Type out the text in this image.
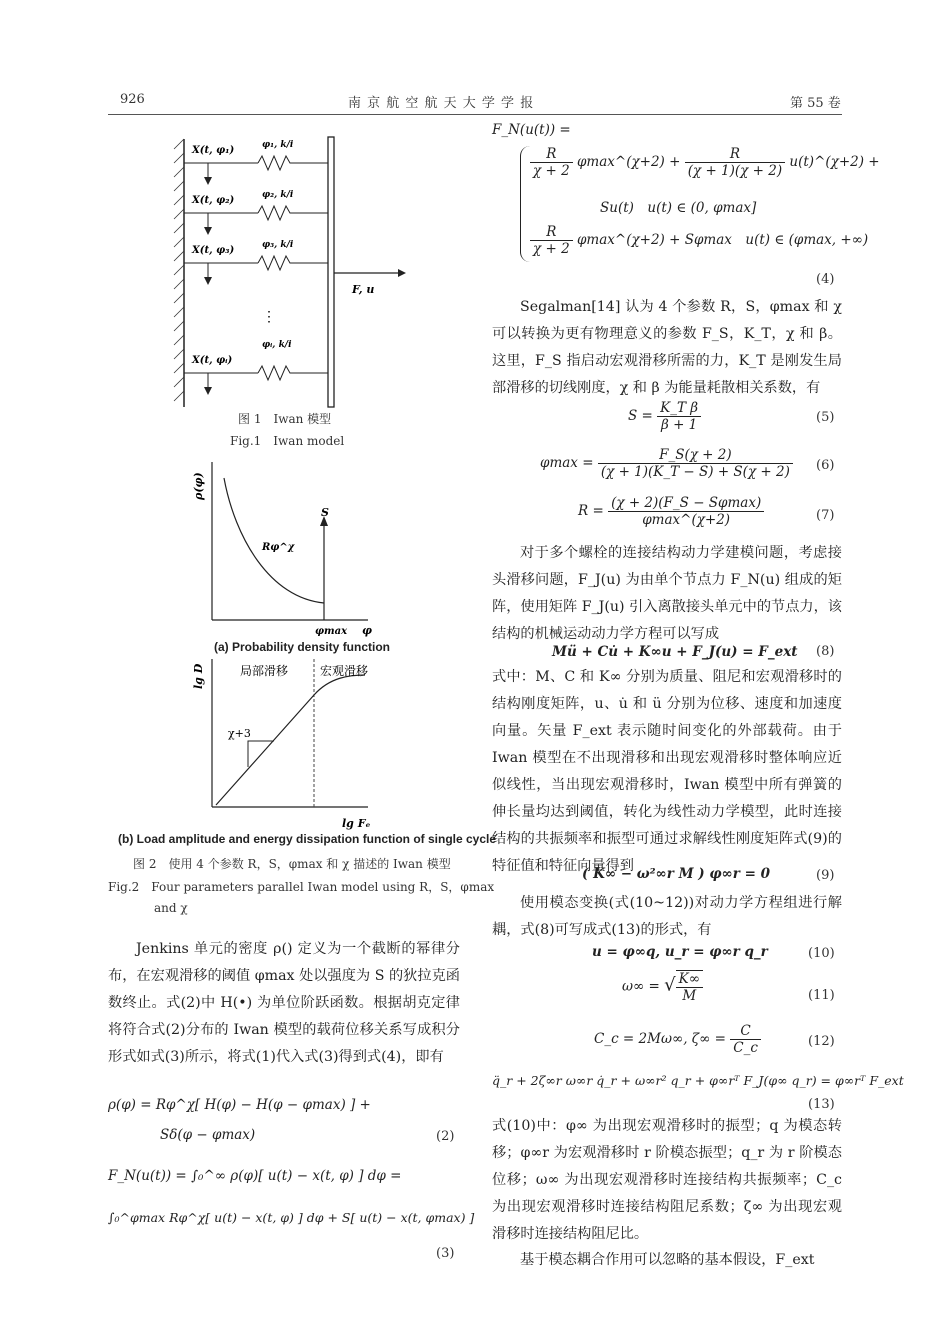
926	南 京 航 空 航 天 大 学 学 报	第 55 卷
F, u
X(t, φ₁)	φ₁, k/i
X(t, φ₂)	φ₂, k/i
X(t, φ₃)	φ₃, k/i
⋮
X(t, φᵢ)
φᵢ, k/i
图 1　Iwan 模型
Fig.1　Iwan model
ρ(φ)
Rφ^χ
S
φmax φ
(a) Probability density function
lg D	局部滑移	宏观滑移
χ+3
lg Fₑ
(b) Load amplitude and energy dissipation function of single cycle
图 2　使用 4 个参数 R，S，φmax 和 χ 描述的 Iwan 模型
Fig.2　Four parameters parallel Iwan model using R，S，φmax
and χ
Jenkins 单元的密度 ρ() 定义为一个截断的幂律分布，在宏观滑移的阈值 φmax 处以强度为 S 的狄拉克函数终止。式(2)中 H(•) 为单位阶跃函数。根据胡克定律将符合式(2)分布的 Iwan 模型的载荷位移关系写成积分形式如式(3)所示，将式(1)代入式(3)得到式(4)，即有
ρ(φ) = Rφ^χ[ H(φ) − H(φ − φmax) ] +
Sδ(φ − φmax)	(2)
F_N(u(t)) = ∫₀^∞ ρ(φ)[ u(t) − x(t, φ) ] dφ =
∫₀^φmax Rφ^χ[ u(t) − x(t, φ) ] dφ + S[ u(t) − x(t, φmax) ]
(3)
F_N(u(t)) =
$\frac{R}{\chi + 2}$ φmax^(χ+2) + $\frac{R}{(\chi + 1)(\chi + 2)}$ u(t)^(χ+2) +
Su(t)　u(t) ∈ (0, φmax]
$\frac{R}{\chi + 2}$ φmax^(χ+2) + Sφmax　u(t) ∈ (φmax, +∞)
(4)
Segalman[14] 认为 4 个参数 R，S，φmax 和 χ 可以转换为更有物理意义的参数 F_S，K_T，χ 和 β。这里，F_S 指启动宏观滑移所需的力，K_T 是刚发生局部滑移的切线刚度，χ 和 β 为能量耗散相关系数，有
$S = \frac{\text{K\_T β}}{\beta + 1}$	(5)
$\varphi\max = \frac{F\_S(\chi + 2)}{(\chi + 1)(K\_T - S) + S(\chi + 2)} (6)$
$R = \frac{(\chi + 2)(F\_S - S\varphi\max)}{\varphi\max\^{}(\chi+2)}$	(7)
对于多个螺栓的连接结构动力学建模问题，考虑接头滑移问题，F_J(u) 为由单个节点力 F_N(u) 组成的矩阵，使用矩阵 F_J(u) 引入离散接头单元中的节点力，该结构的机械运动动力学方程可以写成
Mü + Cu̇ + K∞u + F_J(u) = F_ext (8)
式中：M、C 和 K∞ 分别为质量、阻尼和宏观滑移时的结构刚度矩阵，u、u̇ 和 ü 分别为位移、速度和加速度向量。矢量 F_ext 表示随时间变化的外部载荷。由于 Iwan 模型在不出现滑移和出现宏观滑移时整体响应近似线性，当出现宏观滑移时，Iwan 模型中所有弹簧的伸长量均达到阈值，转化为线性动力学模型，此时连接结构的共振频率和振型可通过求解线性刚度矩阵式(9)的特征值和特征向量得到
( K∞ − ω²∞r M ) φ∞r = 0	(9)
使用模态变换(式(10~12))对动力学方程组进行解耦，式(8)可写成式(13)的形式，有
u = φ∞q, u_r = φ∞r q_r	(10)
ω∞ = √ $\frac{K\infty}{M}$	(11)
C_c = 2Mω∞, $\zeta\infty = \frac{C}{C\_c}$	(12)
q̈_r + 2ζ∞r ω∞r q̇_r + ω∞r² q_r + φ∞rᵀ F_J(φ∞ q_r) = φ∞rᵀ F_ext
(13)
式(10)中：φ∞ 为出现宏观滑移时的振型；q 为模态转移；φ∞r 为宏观滑移时 r 阶模态振型；q_r 为 r 阶模态位移；ω∞ 为出现宏观滑移时连接结构共振频率；C_c 为出现宏观滑移时连接结构阻尼系数；ζ∞ 为出现宏观滑移时连接结构阻尼比。
基于模态耦合作用可以忽略的基本假设，F_ext
